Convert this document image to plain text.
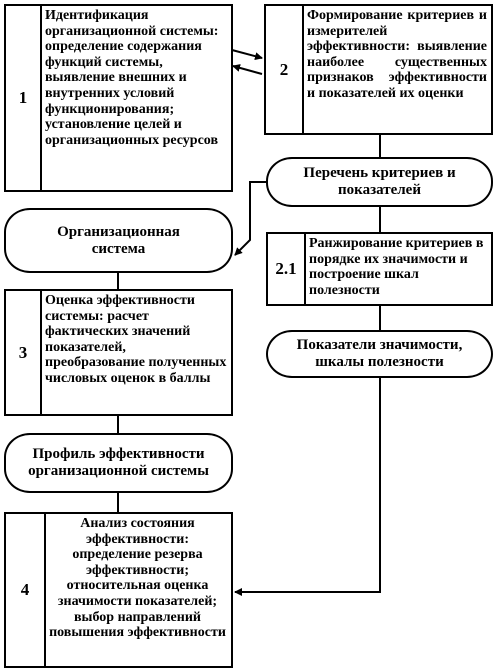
1
Идентификация организационной системы: определение содержания функций системы, выявление внешних и внутренних условий функционирования; установление целей и организационных ресурсов
2
Формирование критериев и измерителей эффективности: выявление наиболее существенных признаков эффективности и показателей их оценки
Перечень критериев и показателей
Организационная система
2.1
Ранжирование критериев в порядке их значимости и построение шкал полезности
3
Оценка эффективности системы: расчет фактических значений показателей, преобразование полученных числовых оценок в баллы
Показатели значимости, шкалы полезности
Профиль эффективности организационной системы
4
Анализ состояния эффективности: определение резерва эффективности; относительная оценка значимости показателей; выбор направлений повышения эффективности
